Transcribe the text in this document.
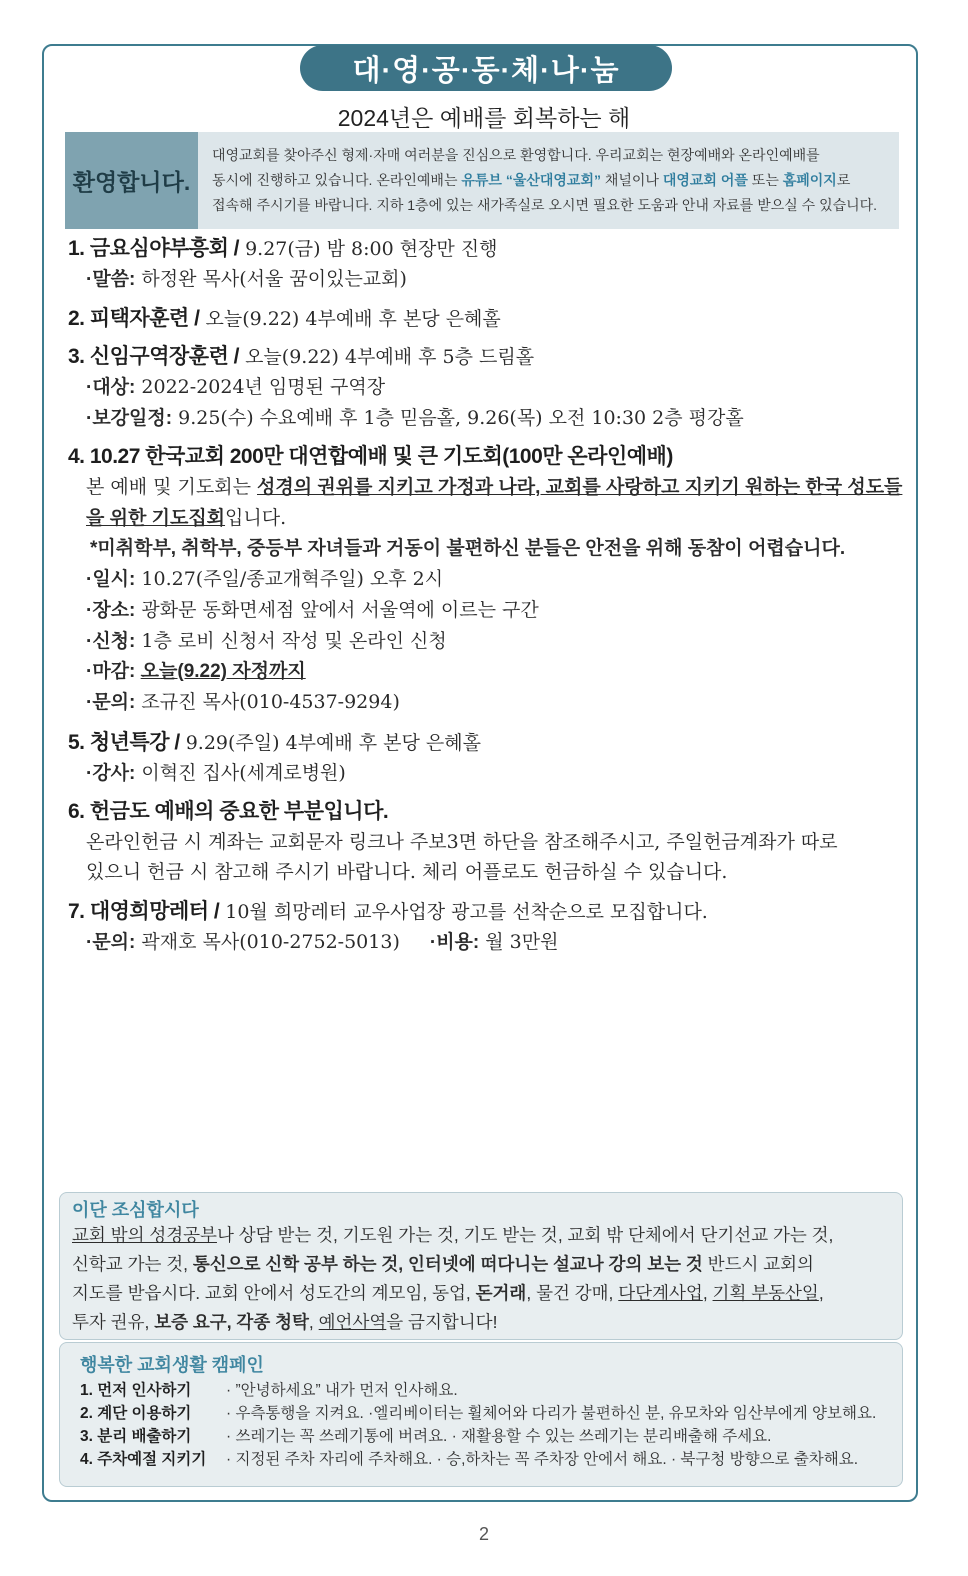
대·영·공·동·체·나·눔
2024년은 예배를 회복하는 해
환영합니다.
대영교회를 찾아주신 형제·자매 여러분을 진심으로 환영합니다. 우리교회는 현장예배와 온라인예배를
동시에 진행하고 있습니다. 온라인예배는 유튜브 “울산대영교회” 채널이나 대영교회 어플 또는 홈페이지로
접속해 주시기를 바랍니다. 지하 1층에 있는 새가족실로 오시면 필요한 도움과 안내 자료를 받으실 수 있습니다.
1. 금요심야부흥회 / 9.27(금) 밤 8:00 현장만 진행
·말씀: 하정완 목사(서울 꿈이있는교회)
2. 피택자훈련 / 오늘(9.22) 4부예배 후 본당 은혜홀
3. 신임구역장훈련 / 오늘(9.22) 4부예배 후 5층 드림홀
·대상: 2022-2024년 임명된 구역장
·보강일정: 9.25(수) 수요예배 후 1층 믿음홀, 9.26(목) 오전 10:30 2층 평강홀
4. 10.27 한국교회 200만 대연합예배 및 큰 기도회(100만 온라인예배)
본 예배 및 기도회는 성경의 권위를 지키고 가정과 나라, 교회를 사랑하고 지키기 원하는 한국 성도들을 위한 기도집회입니다.
*미취학부, 취학부, 중등부 자녀들과 거동이 불편하신 분들은 안전을 위해 동참이 어렵습니다.
·일시: 10.27(주일/종교개혁주일) 오후 2시
·장소: 광화문 동화면세점 앞에서 서울역에 이르는 구간
·신청: 1층 로비 신청서 작성 및 온라인 신청
·마감: 오늘(9.22) 자정까지
·문의: 조규진 목사(010-4537-9294)
5. 청년특강 / 9.29(주일) 4부예배 후 본당 은혜홀
·강사: 이혁진 집사(세계로병원)
6. 헌금도 예배의 중요한 부분입니다.
온라인헌금 시 계좌는 교회문자 링크나 주보3면 하단을 참조해주시고, 주일헌금계좌가 따로
있으니 헌금 시 참고해 주시기 바랍니다. 체리 어플로도 헌금하실 수 있습니다.
7. 대영희망레터 / 10월 희망레터 교우사업장 광고를 선착순으로 모집합니다.
·문의: 곽재호 목사(010-2752-5013) ·비용: 월 3만원
이단 조심합시다
교회 밖의 성경공부나 상담 받는 것, 기도원 가는 것, 기도 받는 것, 교회 밖 단체에서 단기선교 가는 것,
신학교 가는 것, 통신으로 신학 공부 하는 것, 인터넷에 떠다니는 설교나 강의 보는 것 반드시 교회의
지도를 받읍시다. 교회 안에서 성도간의 계모임, 동업, 돈거래, 물건 강매, 다단계사업, 기획 부동산일,
투자 권유, 보증 요구, 각종 청탁, 예언사역을 금지합니다!
행복한 교회생활 캠페인
1. 먼저 인사하기	· ”안녕하세요” 내가 먼저 인사해요.
2. 계단 이용하기	· 우측통행을 지켜요. ·엘리베이터는 휠체어와 다리가 불편하신 분, 유모차와 임산부에게 양보해요.
3. 분리 배출하기	· 쓰레기는 꼭 쓰레기통에 버려요. · 재활용할 수 있는 쓰레기는 분리배출해 주세요.
4. 주차예절 지키기	· 지정된 주차 자리에 주차해요. · 승,하차는 꼭 주차장 안에서 해요. · 북구청 방향으로 출차해요.
2
